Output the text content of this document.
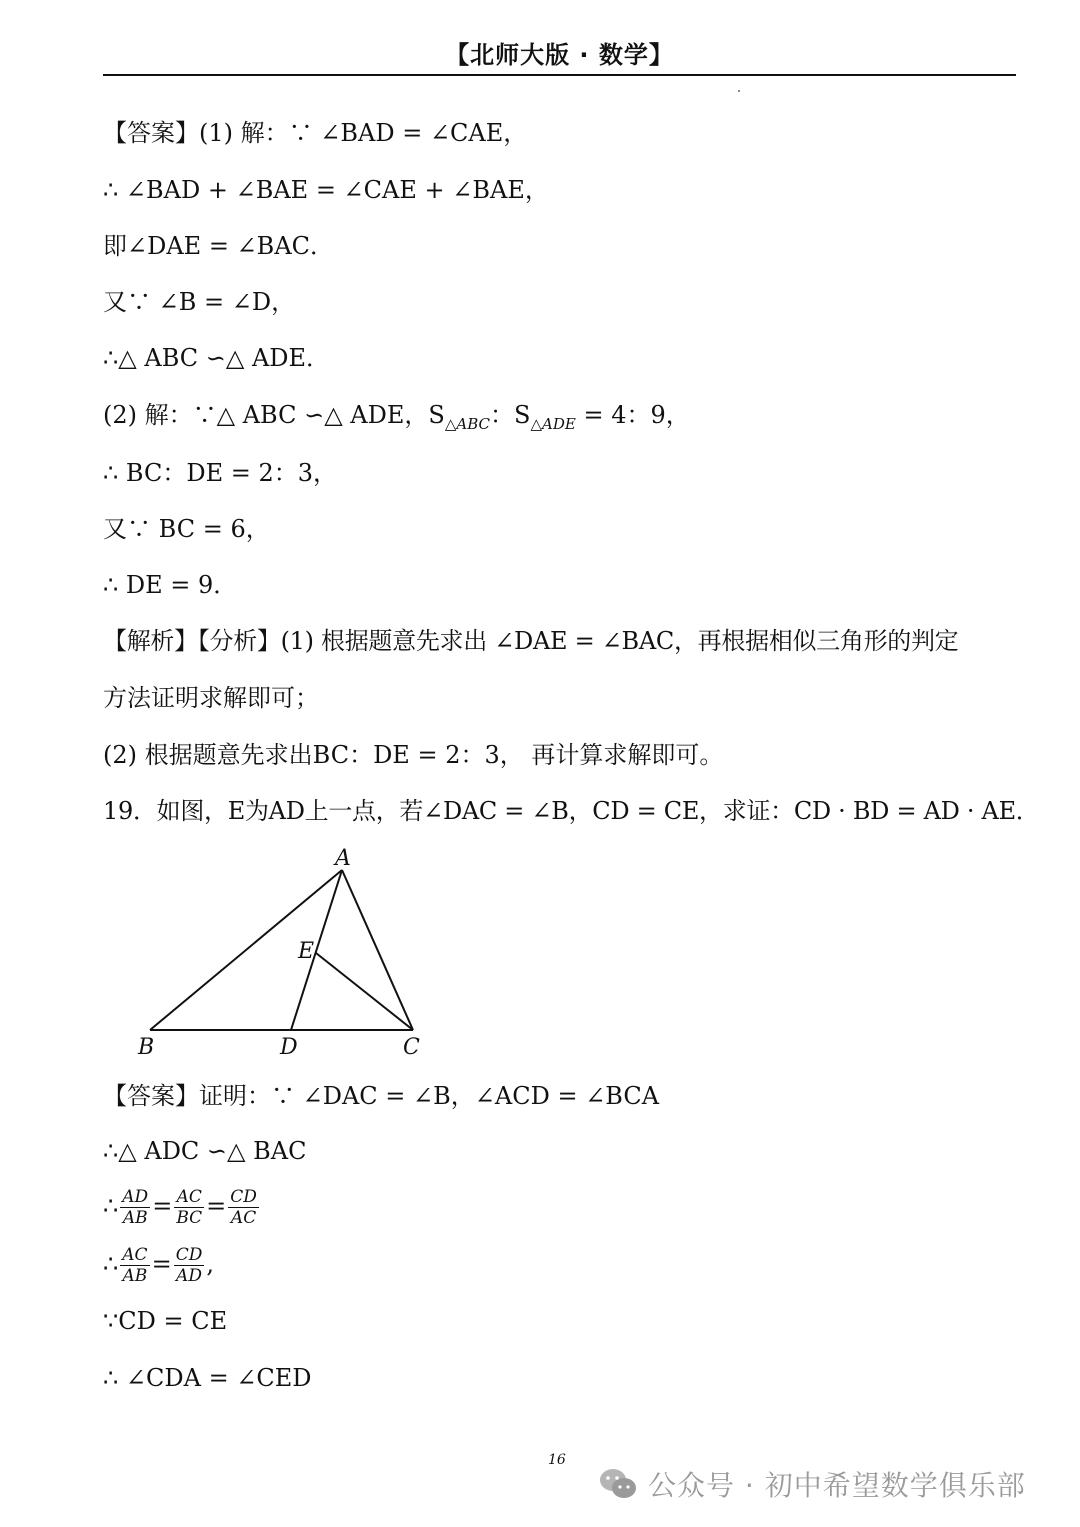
【北师大版 · 数学】
【答案】(1) 解：∵ ∠BAD = ∠CAE，
∴ ∠BAD + ∠BAE = ∠CAE + ∠BAE，
即∠DAE = ∠BAC．
又∵ ∠B = ∠D，
∴△ ABC ∽△ ADE．
(2) 解：∵△ ABC ∽△ ADE，$S_{\triangle ABC}$：$S_{\triangle ADE} = 4$：9，
∴ BC：DE = 2：3，
又∵ BC = 6，
∴ DE = 9．
【解析】【分析】(1) 根据题意先求出 ∠DAE = ∠BAC，再根据相似三角形的判定
方法证明求解即可；
(2) 根据题意先求出BC：DE = 2：3， 再计算求解即可。
19．如图，E为AD上一点，若∠DAC = ∠B，CD = CE，求证：CD · BD = AD · AE．
A
E
B	D	C
【答案】证明：∵ ∠DAC = ∠B，∠ACD = ∠BCA
∴△ ADC ∽△ BAC
∴ $\frac{AD}{AB} = \frac{AC}{BC} = \frac{CD}{AC}$
∴ $\frac{AC}{AB} = \frac{CD}{AD}$ ,
∵CD = CE
∴ ∠CDA = ∠CED
16
公众号 · 初中希望数学俱乐部
